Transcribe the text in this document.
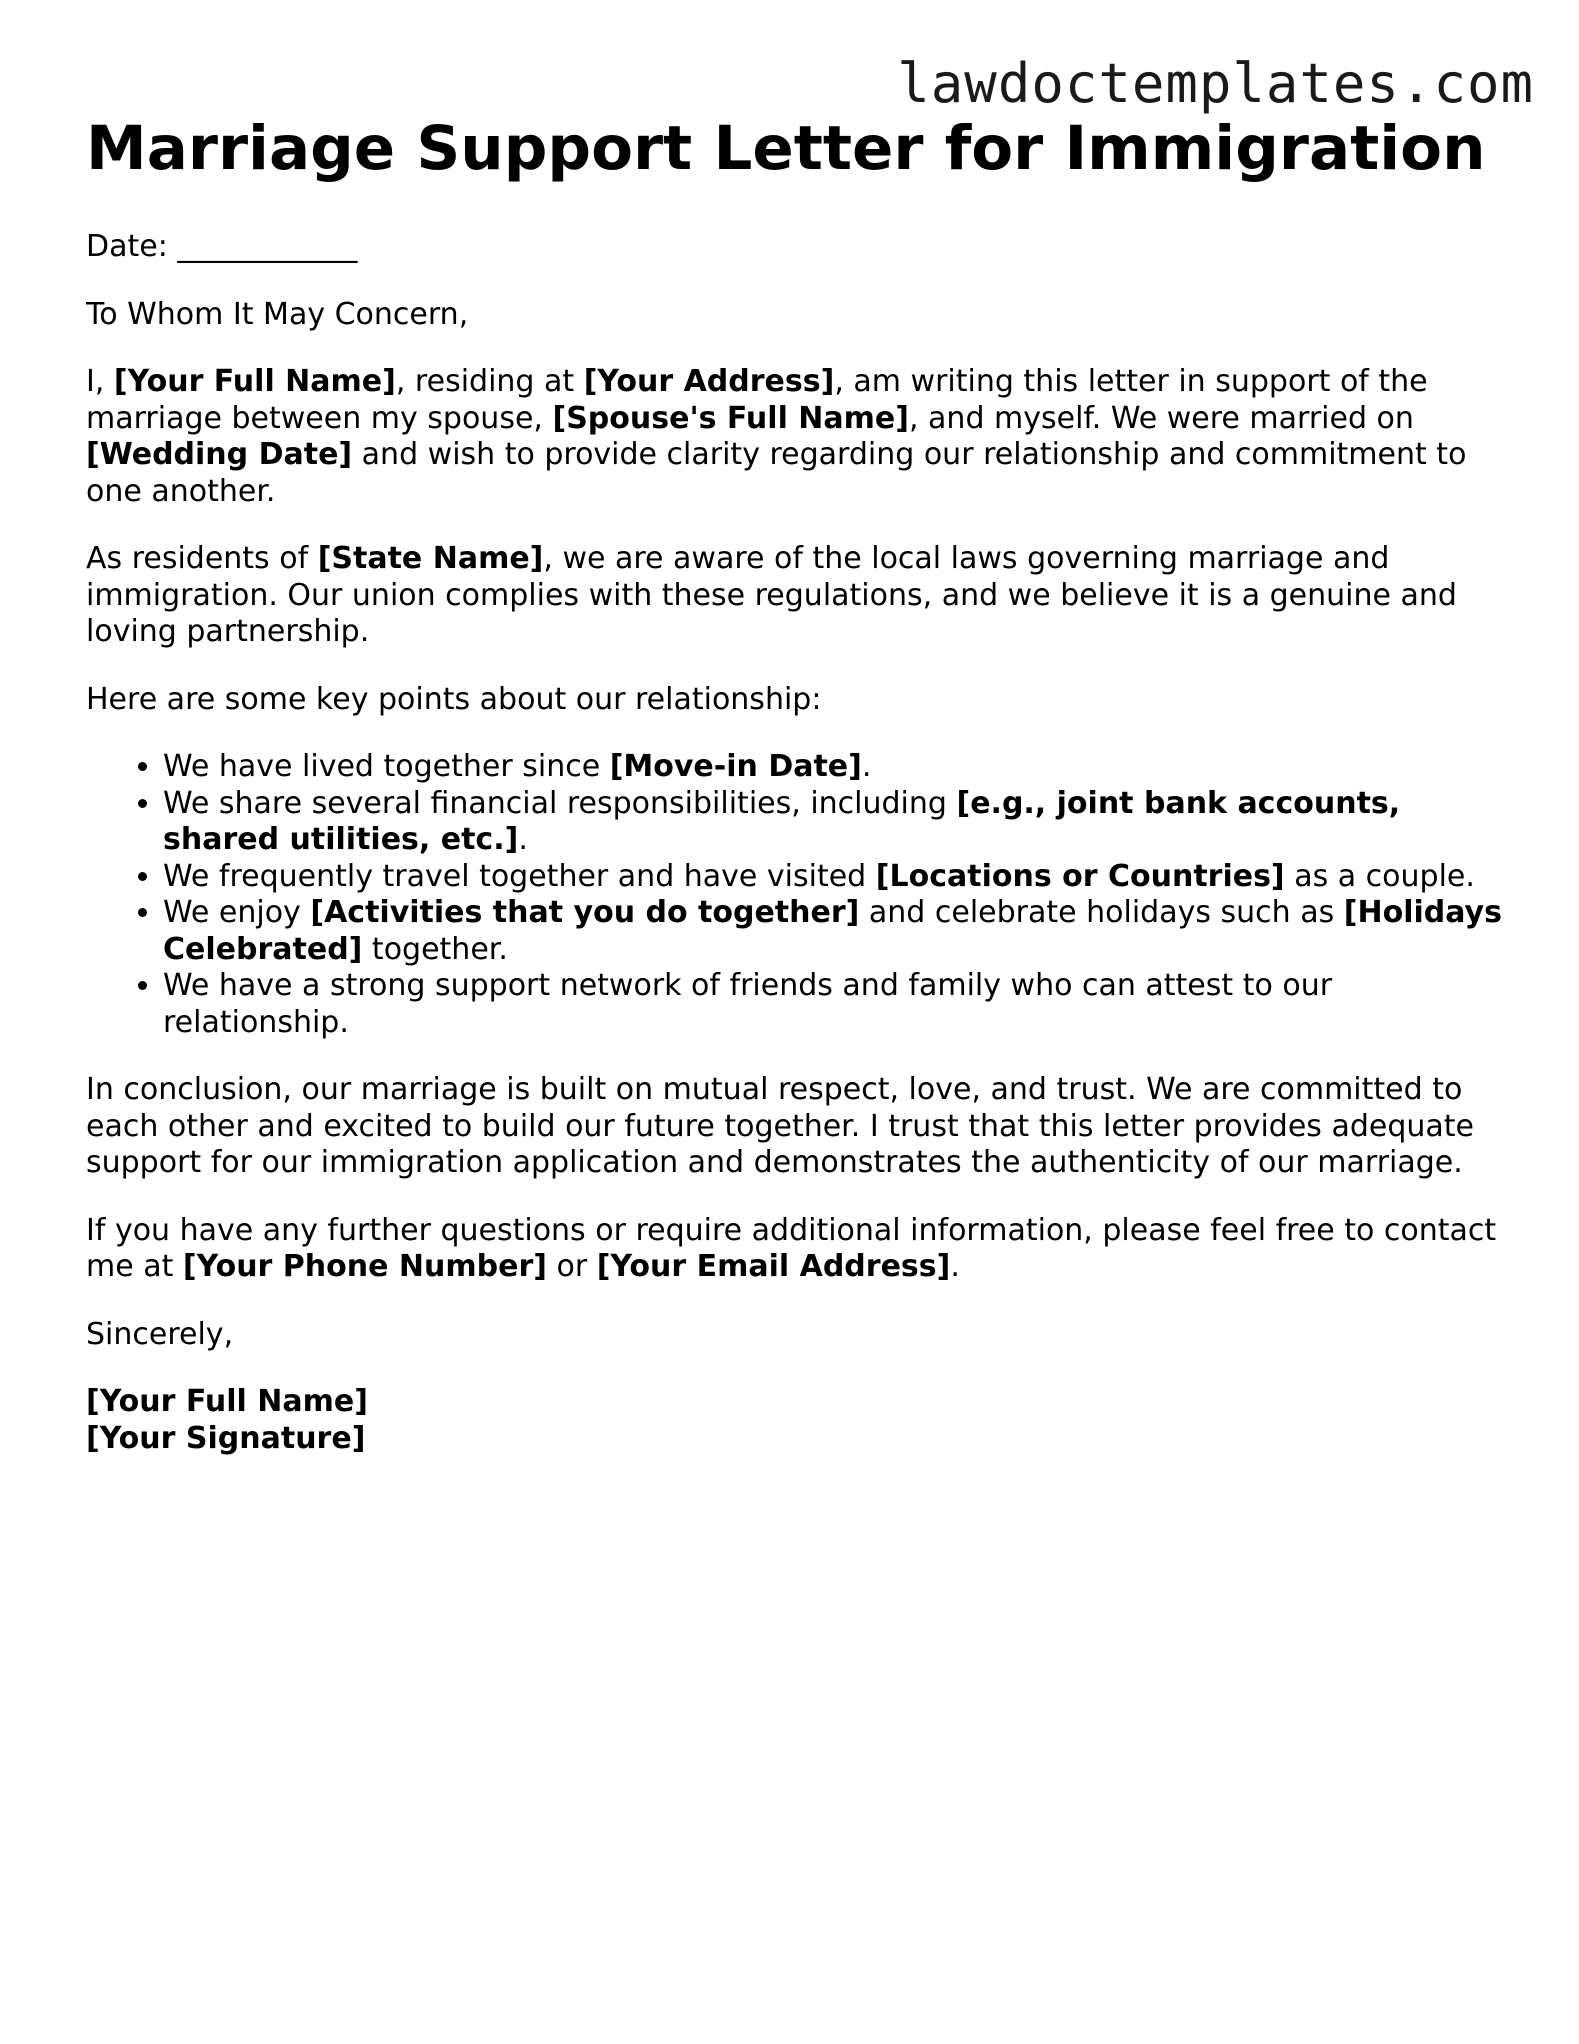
lawdoctemplates.com
Marriage Support Letter for Immigration

Date: ____________

To Whom It May Concern,

I, [Your Full Name], residing at [Your Address], am writing this letter in support of the marriage between my spouse, [Spouse's Full Name], and myself. We were married on [Wedding Date] and wish to provide clarity regarding our relationship and commitment to one another.

As residents of [State Name], we are aware of the local laws governing marriage and immigration. Our union complies with these regulations, and we believe it is a genuine and loving partnership.

Here are some key points about our relationship:

• We have lived together since [Move-in Date].
• We share several financial responsibilities, including [e.g., joint bank accounts, shared utilities, etc.].
• We frequently travel together and have visited [Locations or Countries] as a couple.
• We enjoy [Activities that you do together] and celebrate holidays such as [Holidays Celebrated] together.
• We have a strong support network of friends and family who can attest to our relationship.

In conclusion, our marriage is built on mutual respect, love, and trust. We are committed to each other and excited to build our future together. I trust that this letter provides adequate support for our immigration application and demonstrates the authenticity of our marriage.

If you have any further questions or require additional information, please feel free to contact me at [Your Phone Number] or [Your Email Address].

Sincerely,

[Your Full Name]

[Your Signature]
